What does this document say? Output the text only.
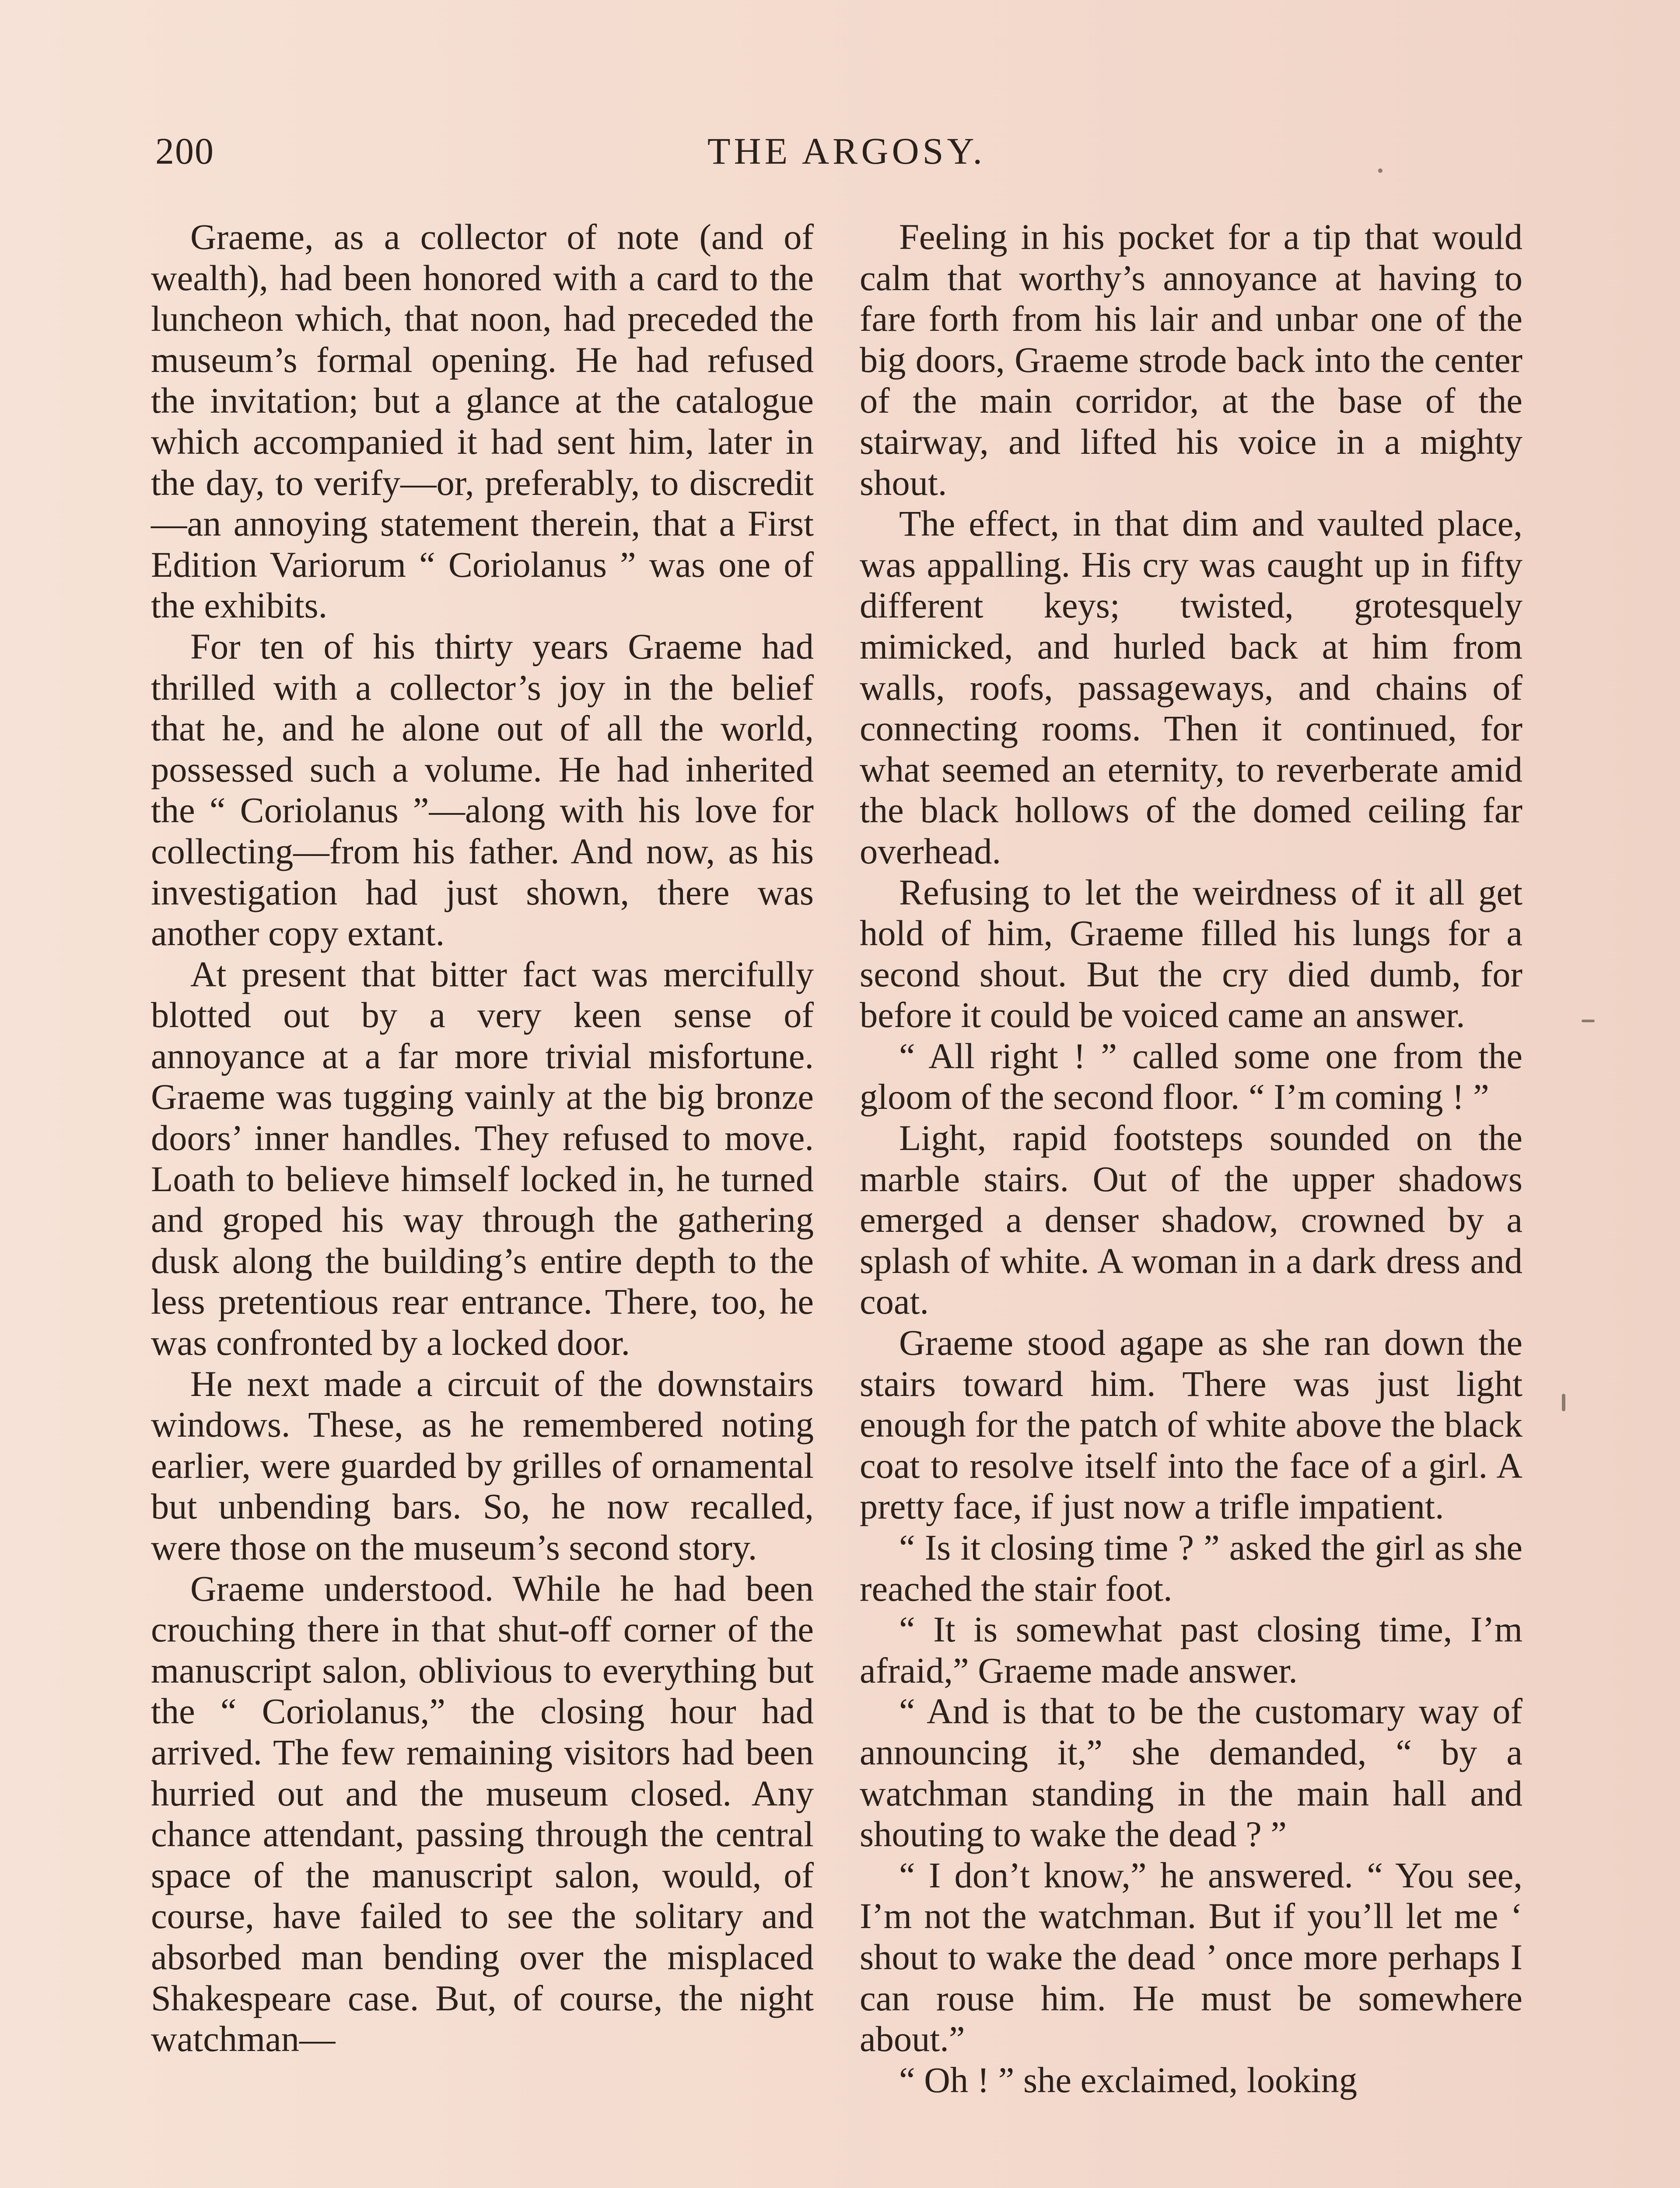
200	THE ARGOSY.

Graeme, as a collector of note (and of wealth), had been honored with a card to the luncheon which, that noon, had preceded the museum’s formal opening. He had refused the invitation; but a glance at the catalogue which accompanied it had sent him, later in the day, to verify—or, preferably, to discredit—an annoying statement therein, that a First Edition Variorum “ Coriolanus ” was one of the exhibits.

For ten of his thirty years Graeme had thrilled with a collector’s joy in the belief that he, and he alone out of all the world, possessed such a volume. He had inherited the “ Coriolanus ”—along with his love for collecting—from his father. And now, as his investigation had just shown, there was another copy extant.

At present that bitter fact was mercifully blotted out by a very keen sense of annoyance at a far more trivial misfortune. Graeme was tugging vainly at the big bronze doors’ inner handles. They refused to move. Loath to believe himself locked in, he turned and groped his way through the gathering dusk along the building’s entire depth to the less pretentious rear entrance. There, too, he was confronted by a locked door.

He next made a circuit of the downstairs windows. These, as he remembered noting earlier, were guarded by grilles of ornamental but unbending bars. So, he now recalled, were those on the museum’s second story.

Graeme understood. While he had been crouching there in that shut-off corner of the manuscript salon, oblivious to everything but the “ Coriolanus,” the closing hour had arrived. The few remaining visitors had been hurried out and the museum closed. Any chance attendant, passing through the central space of the manuscript salon, would, of course, have failed to see the solitary and absorbed man bending over the misplaced Shakespeare case. But, of course, the night watchman—

Feeling in his pocket for a tip that would calm that worthy’s annoyance at having to fare forth from his lair and unbar one of the big doors, Graeme strode back into the center of the main corridor, at the base of the stairway, and lifted his voice in a mighty shout.

The effect, in that dim and vaulted place, was appalling. His cry was caught up in fifty different keys; twisted, grotesquely mimicked, and hurled back at him from walls, roofs, passageways, and chains of connecting rooms. Then it continued, for what seemed an eternity, to reverberate amid the black hollows of the domed ceiling far overhead.

Refusing to let the weirdness of it all get hold of him, Graeme filled his lungs for a second shout. But the cry died dumb, for before it could be voiced came an answer.

“ All right ! ” called some one from the gloom of the second floor. “ I’m coming ! ”

Light, rapid footsteps sounded on the marble stairs. Out of the upper shadows emerged a denser shadow, crowned by a splash of white. A woman in a dark dress and coat.

Graeme stood agape as she ran down the stairs toward him. There was just light enough for the patch of white above the black coat to resolve itself into the face of a girl. A pretty face, if just now a trifle impatient.

“ Is it closing time ? ” asked the girl as she reached the stair foot.

“ It is somewhat past closing time, I’m afraid,” Graeme made answer.

“ And is that to be the customary way of announcing it,” she demanded, “ by a watchman standing in the main hall and shouting to wake the dead ? ”

“ I don’t know,” he answered. “ You see, I’m not the watchman. But if you’ll let me ‘ shout to wake the dead ’ once more perhaps I can rouse him. He must be somewhere about.”

“ Oh ! ” she exclaimed, looking
